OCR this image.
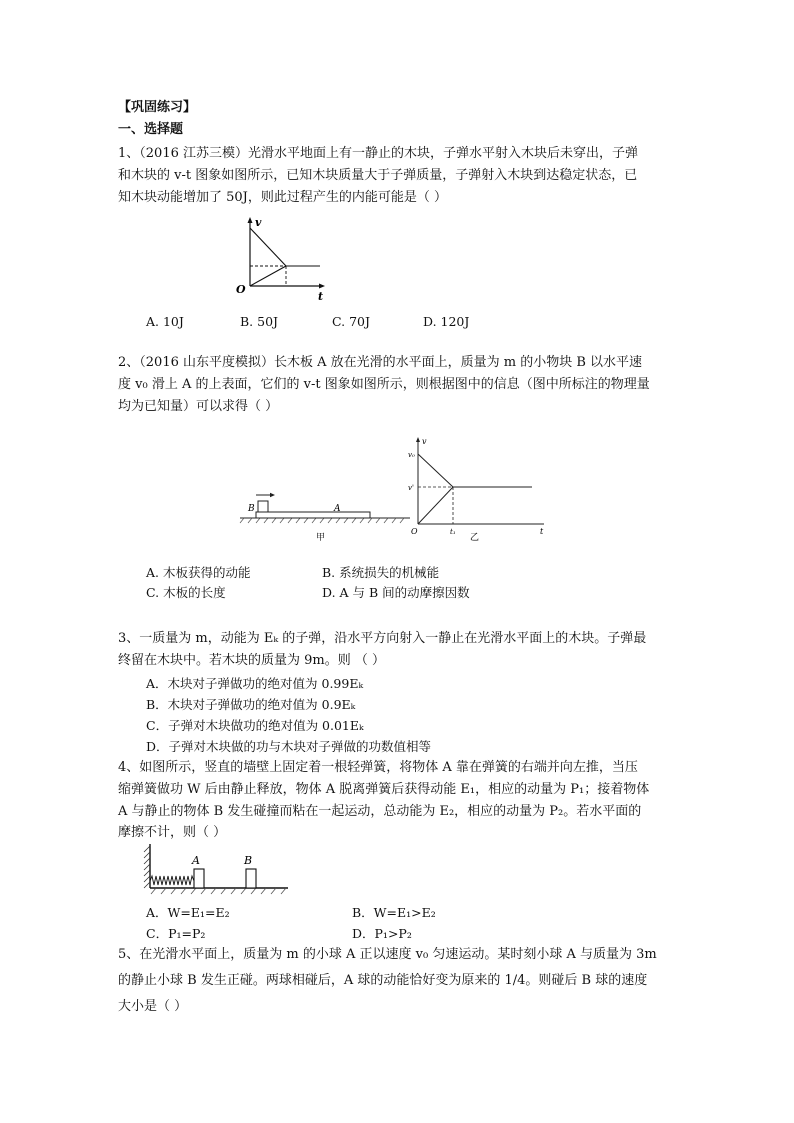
【巩固练习】
一、选择题
1、（2016 江苏三模）光滑水平地面上有一静止的木块，子弹水平射入木块后未穿出，子弹
和木块的 v-t 图象如图所示，已知木块质量大于子弹质量，子弹射入木块到达稳定状态，已
知木块动能增加了 50J，则此过程产生的内能可能是（ ）
v
t
O
A. 10J	B. 50J	C. 70J	D. 120J
2、（2016 山东平度模拟）长木板 A 放在光滑的水平面上，质量为 m 的小物块 B 以水平速
度 v₀ 滑上 A 的上表面，它们的 v-t 图象如图所示，则根据图中的信息（图中所标注的物理量
均为已知量）可以求得（ ）
B	A
甲
v
v₀
v'
O	t₁	t
乙
A. 木板获得的动能	B. 系统损失的机械能
C. 木板的长度	D. A 与 B 间的动摩擦因数
3、一质量为 m，动能为 Eₖ 的子弹，沿水平方向射入一静止在光滑水平面上的木块。子弹最
终留在木块中。若木块的质量为 9m。则 （ ）
A．木块对子弹做功的绝对值为 0.99Eₖ
B．木块对子弹做功的绝对值为 0.9Eₖ
C．子弹对木块做功的绝对值为 0.01Eₖ
D．子弹对木块做的功与木块对子弹做的功数值相等
4、如图所示，竖直的墙壁上固定着一根轻弹簧，将物体 A 靠在弹簧的右端并向左推，当压
缩弹簧做功 W 后由静止释放，物体 A 脱离弹簧后获得动能 E₁，相应的动量为 P₁；接着物体
A 与静止的物体 B 发生碰撞而粘在一起运动，总动能为 E₂，相应的动量为 P₂。若水平面的
摩擦不计，则（ ）
A	B
A．W=E₁=E₂	B．W=E₁>E₂
C．P₁=P₂	D．P₁>P₂
5、在光滑水平面上，质量为 m 的小球 A 正以速度 v₀ 匀速运动。某时刻小球 A 与质量为 3m
的静止小球 B 发生正碰。两球相碰后，A 球的动能恰好变为原来的 1/4。则碰后 B 球的速度
大小是（ ）
